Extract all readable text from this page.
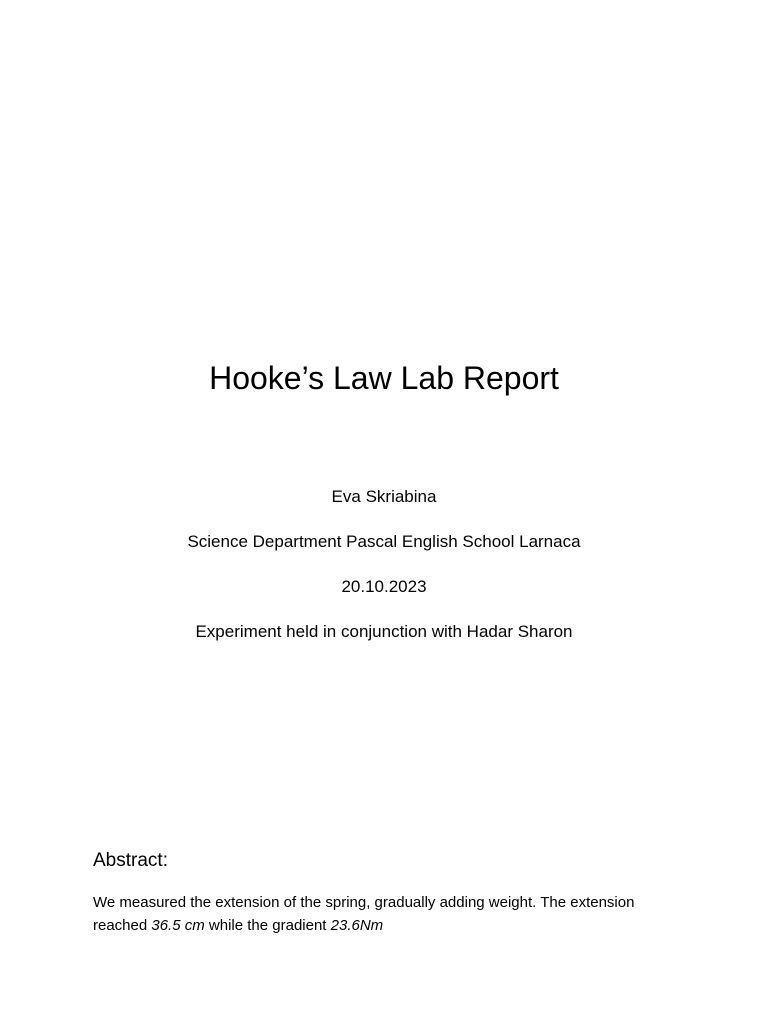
Hooke’s Law Lab Report

Eva Skriabina

Science Department Pascal English School Larnaca

20.10.2023

Experiment held in conjunction with Hadar Sharon

Abstract:

We measured the extension of the spring, gradually adding weight. The extension reached 36.5 cm while the gradient 23.6Nm
